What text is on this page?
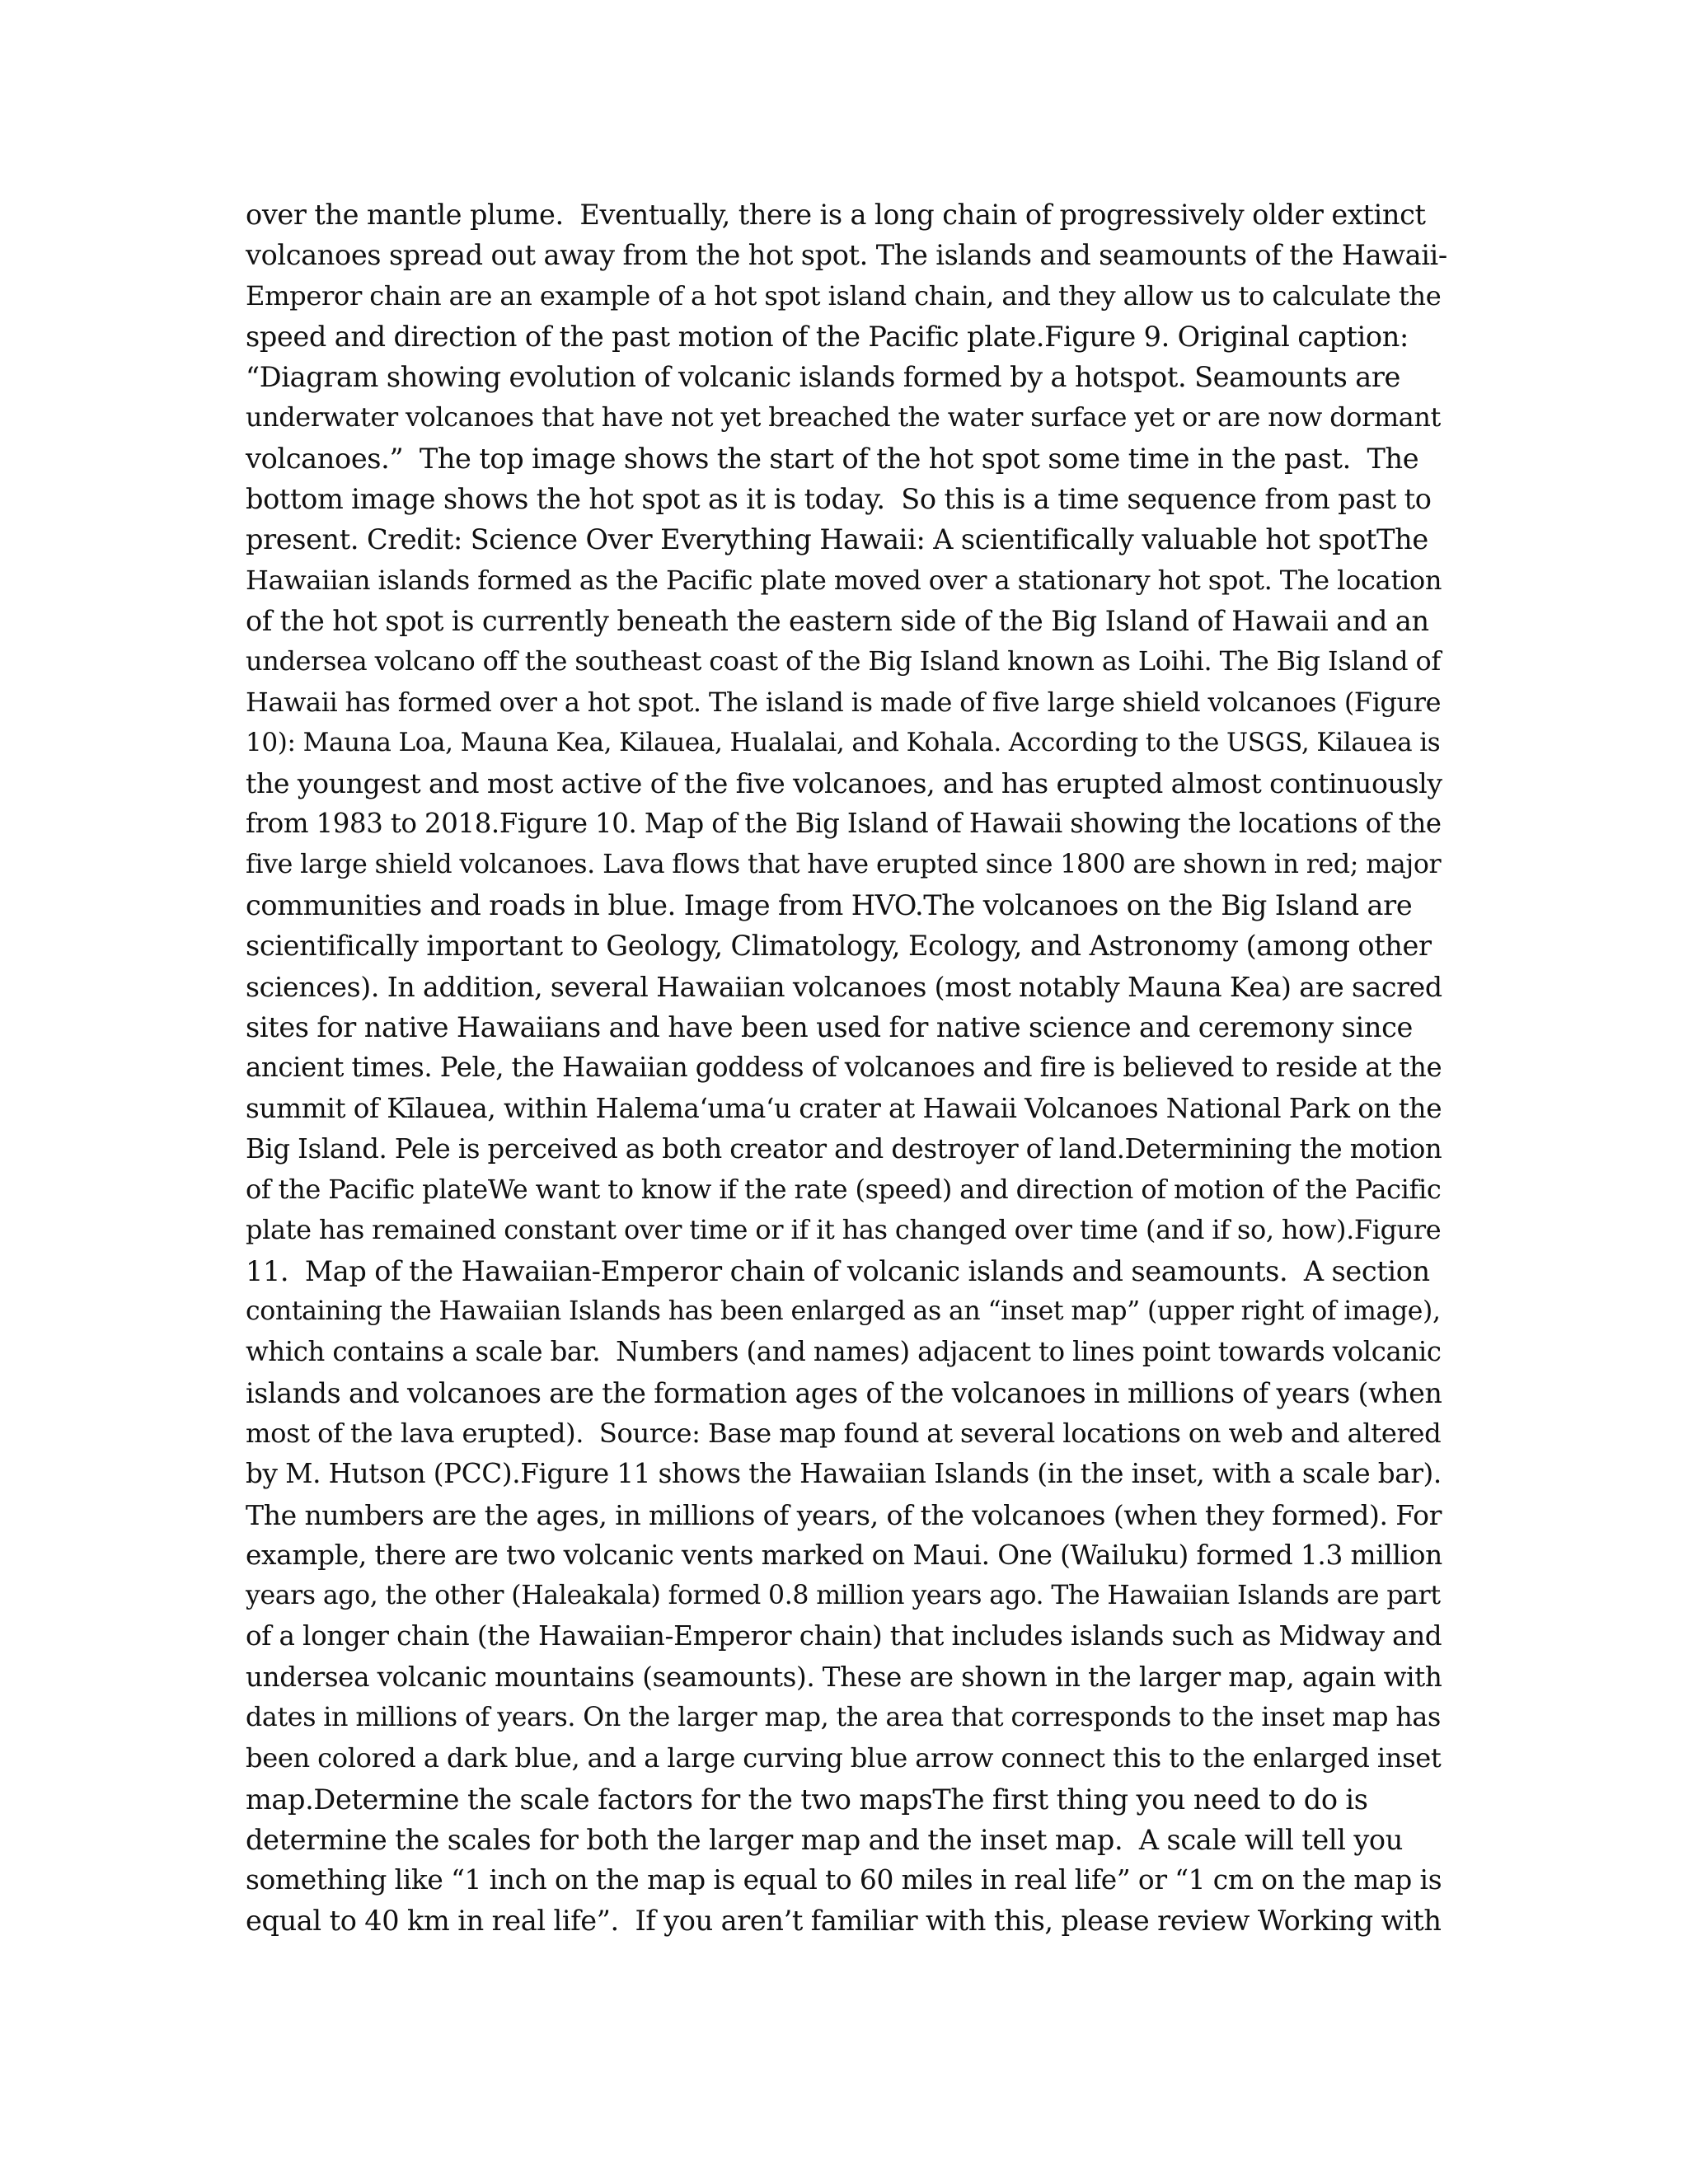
over the mantle plume.  Eventually, there is a long chain of progressively older extinct
volcanoes spread out away from the hot spot. The islands and seamounts of the Hawaii-
Emperor chain are an example of a hot spot island chain, and they allow us to calculate the
speed and direction of the past motion of the Pacific plate.Figure 9. Original caption:
“Diagram showing evolution of volcanic islands formed by a hotspot. Seamounts are
underwater volcanoes that have not yet breached the water surface yet or are now dormant
volcanoes.”  The top image shows the start of the hot spot some time in the past.  The
bottom image shows the hot spot as it is today.  So this is a time sequence from past to
present. Credit: Science Over Everything Hawaii: A scientifically valuable hot spotThe
Hawaiian islands formed as the Pacific plate moved over a stationary hot spot. The location
of the hot spot is currently beneath the eastern side of the Big Island of Hawaii and an
undersea volcano off the southeast coast of the Big Island known as Loihi. The Big Island of
Hawaii has formed over a hot spot. The island is made of five large shield volcanoes (Figure
10): Mauna Loa, Mauna Kea, Kilauea, Hualalai, and Kohala. According to the USGS, Kilauea is
the youngest and most active of the five volcanoes, and has erupted almost continuously
from 1983 to 2018.Figure 10. Map of the Big Island of Hawaii showing the locations of the
five large shield volcanoes. Lava flows that have erupted since 1800 are shown in red; major
communities and roads in blue. Image from HVO.The volcanoes on the Big Island are
scientifically important to Geology, Climatology, Ecology, and Astronomy (among other
sciences). In addition, several Hawaiian volcanoes (most notably Mauna Kea) are sacred
sites for native Hawaiians and have been used for native science and ceremony since
ancient times. Pele, the Hawaiian goddess of volcanoes and fire is believed to reside at the
summit of Kīlauea, within Halemaʻumaʻu crater at Hawaii Volcanoes National Park on the
Big Island. Pele is perceived as both creator and destroyer of land.Determining the motion
of the Pacific plateWe want to know if the rate (speed) and direction of motion of the Pacific
plate has remained constant over time or if it has changed over time (and if so, how).Figure
11.  Map of the Hawaiian-Emperor chain of volcanic islands and seamounts.  A section
containing the Hawaiian Islands has been enlarged as an “inset map” (upper right of image),
which contains a scale bar.  Numbers (and names) adjacent to lines point towards volcanic
islands and volcanoes are the formation ages of the volcanoes in millions of years (when
most of the lava erupted).  Source: Base map found at several locations on web and altered
by M. Hutson (PCC).Figure 11 shows the Hawaiian Islands (in the inset, with a scale bar).
The numbers are the ages, in millions of years, of the volcanoes (when they formed). For
example, there are two volcanic vents marked on Maui. One (Wailuku) formed 1.3 million
years ago, the other (Haleakala) formed 0.8 million years ago. The Hawaiian Islands are part
of a longer chain (the Hawaiian-Emperor chain) that includes islands such as Midway and
undersea volcanic mountains (seamounts). These are shown in the larger map, again with
dates in millions of years. On the larger map, the area that corresponds to the inset map has
been colored a dark blue, and a large curving blue arrow connect this to the enlarged inset
map.Determine the scale factors for the two mapsThe first thing you need to do is
determine the scales for both the larger map and the inset map.  A scale will tell you
something like “1 inch on the map is equal to 60 miles in real life” or “1 cm on the map is
equal to 40 km in real life”.  If you aren’t familiar with this, please review Working with
